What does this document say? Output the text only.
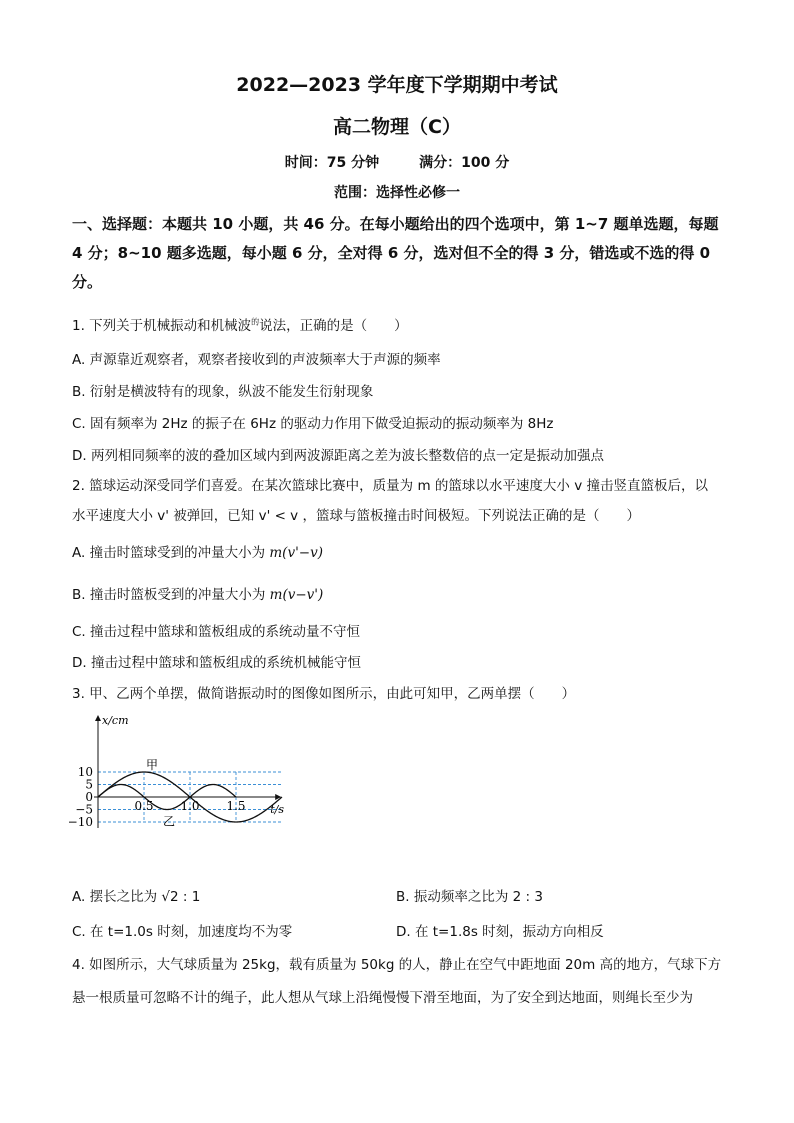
2022—2023 学年度下学期期中考试
高二物理（C）
时间：75 分钟	满分：100 分
范围：选择性必修一
一、选择题：本题共 10 小题，共 46 分。在每小题给出的四个选项中，第 1~7 题单选题，每题 4 分；8~10 题多选题，每小题 6 分，全对得 6 分，选对但不全的得 3 分，错选或不选的得 0 分。
1. 下列关于机械振动和机械波$^的$说法，正确的是（　　）
A. 声源靠近观察者，观察者接收到的声波频率大于声源的频率
B. 衍射是横波特有的现象，纵波不能发生衍射现象
C. 固有频率为 2Hz 的振子在 6Hz 的驱动力作用下做受迫振动的振动频率为 8Hz
D. 两列相同频率的波的叠加区域内到两波源距离之差为波长整数倍的点一定是振动加强点
2. 篮球运动深受同学们喜爱。在某次篮球比赛中，质量为 m 的篮球以水平速度大小 v 撞击竖直篮板后，以
水平速度大小 v' 被弹回，已知 v' < v ，篮球与篮板撞击时间极短。下列说法正确的是（　　）
A. 撞击时篮球受到的冲量大小为 m(v'−v)
B. 撞击时篮板受到的冲量大小为 m(v−v')
C. 撞击过程中篮球和篮板组成的系统动量不守恒
D. 撞击过程中篮球和篮板组成的系统机械能守恒
3. 甲、乙两个单摆，做简谐振动时的图像如图所示，由此可知甲，乙两单摆（　　）
x/cm
t/s
10
5
0
−5
−10
0.5 1.0 1.5
甲
乙
A. 摆长之比为 √2 : 1	B. 振动频率之比为 2 : 3
C. 在 t=1.0s 时刻，加速度均不为零	D. 在 t=1.8s 时刻，振动方向相反
4. 如图所示，大气球质量为 25kg，载有质量为 50kg 的人，静止在空气中距地面 20m 高的地方，气球下方
悬一根质量可忽略不计的绳子，此人想从气球上沿绳慢慢下滑至地面，为了安全到达地面，则绳长至少为
